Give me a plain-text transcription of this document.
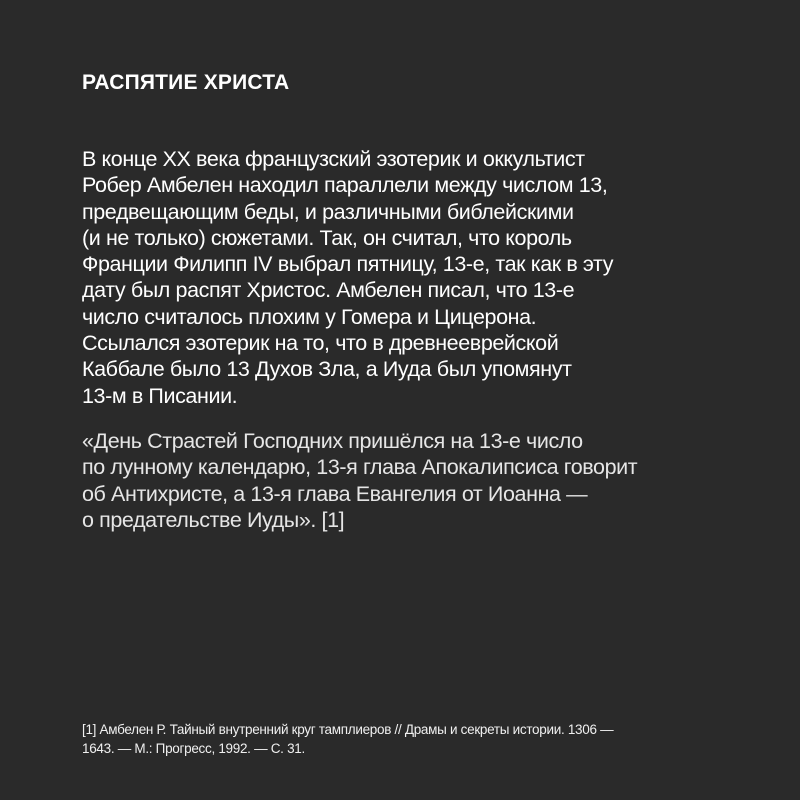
РАСПЯТИЕ ХРИСТА
В конце XX века французский эзотерик и оккультист
Робер Амбелен находил параллели между числом 13,
предвещающим беды, и различными библейскими
(и не только) сюжетами. Так, он считал, что король
Франции Филипп IV выбрал пятницу, 13-е, так как в эту
дату был распят Христос. Амбелен писал, что 13-е
число считалось плохим у Гомера и Цицерона.
Ссылался эзотерик на то, что в древнееврейской
Каббале было 13 Духов Зла, а Иуда был упомянут
13-м в Писании.
«День Страстей Господних пришёлся на 13-е число
по лунному календарю, 13-я глава Апокалипсиса говорит
об Антихристе, а 13-я глава Евангелия от Иоанна —
о предательстве Иуды». [1]
[1] Амбелен Р. Тайный внутренний круг тамплиеров // Драмы и секреты истории. 1306 —
1643. — М.: Прогресс, 1992. — С. 31.
